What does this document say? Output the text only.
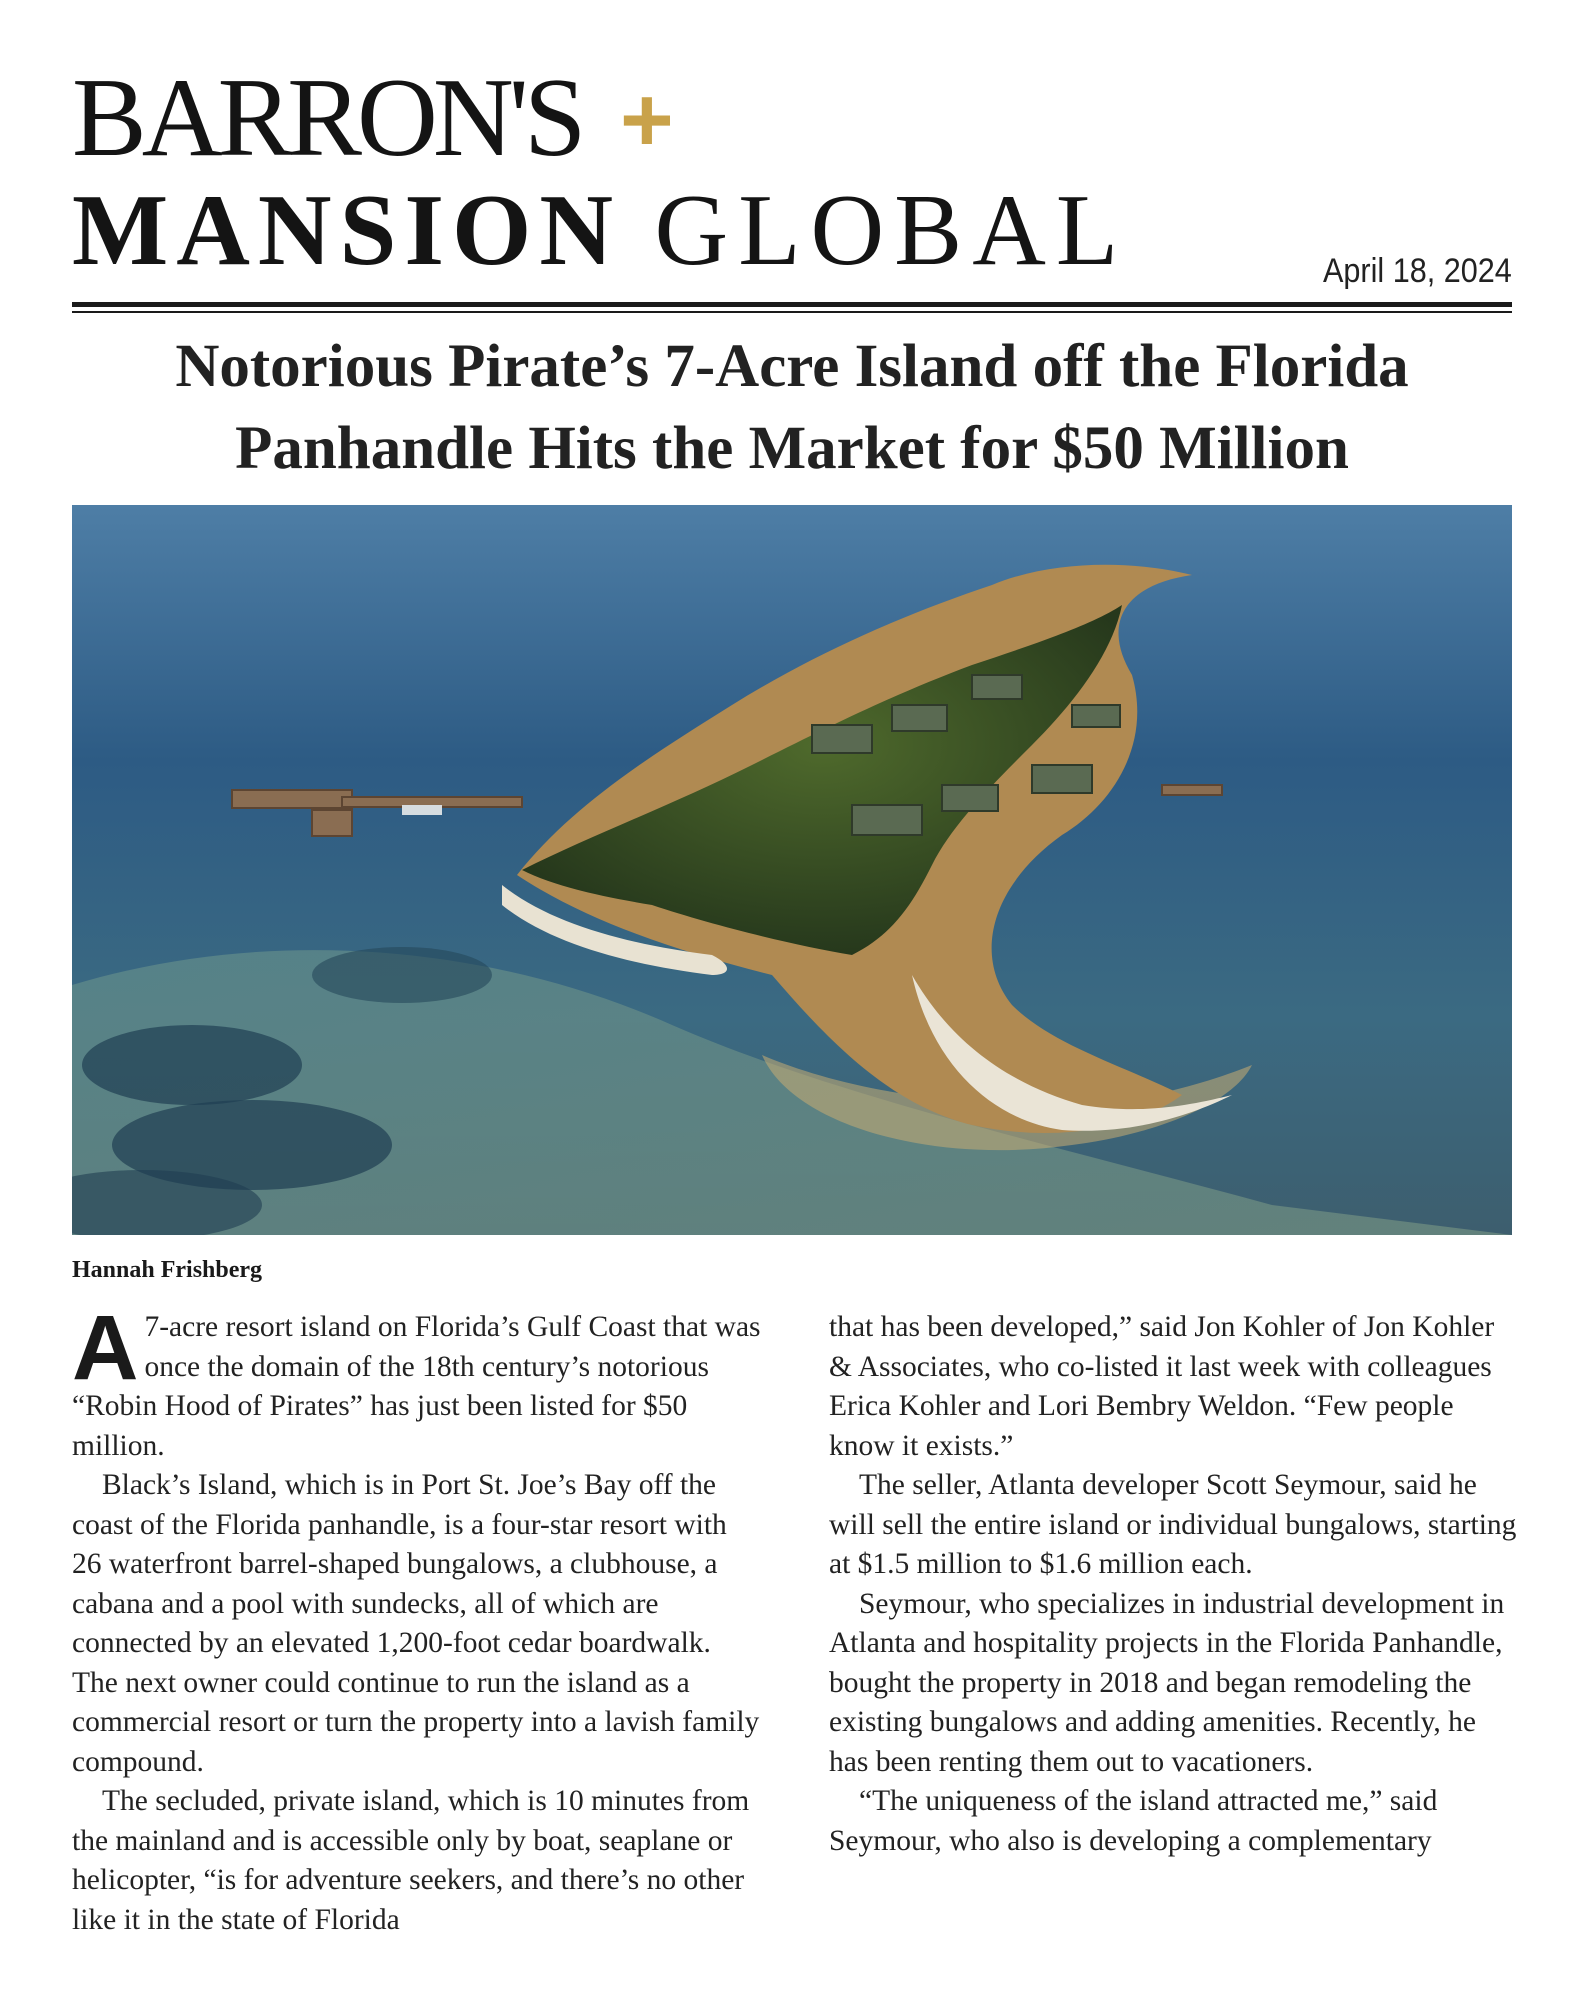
BARRON'S +
MANSION GLOBAL	April 18, 2024
Notorious Pirate’s 7-Acre Island off the Florida
Panhandle Hits the Market for $50 Million
Hannah Frishberg

A 7-acre resort island on Florida’s Gulf Coast that was once the domain of the 18th century’s notorious “Robin Hood of Pirates” has just been listed for $50 million.

Black’s Island, which is in Port St. Joe’s Bay off the coast of the Florida panhandle, is a four-star resort with 26 waterfront barrel-shaped bungalows, a clubhouse, a cabana and a pool with sundecks, all of which are connected by an elevated 1,200-foot cedar boardwalk. The next owner could continue to run the island as a commercial resort or turn the property into a lavish family compound.

The secluded, private island, which is 10 minutes from the mainland and is accessible only by boat, seaplane or helicopter, “is for adventure seekers, and there’s no other like it in the state of Florida

that has been developed,” said Jon Kohler of Jon Kohler & Associates, who co-listed it last week with colleagues Erica Kohler and Lori Bembry Weldon. “Few people know it exists.”

The seller, Atlanta developer Scott Seymour, said he will sell the entire island or individual bungalows, starting at $1.5 million to $1.6 million each.

Seymour, who specializes in industrial development in Atlanta and hospitality projects in the Florida Panhandle, bought the property in 2018 and began remodeling the existing bungalows and adding amenities. Recently, he has been renting them out to vacationers.

“The uniqueness of the island attracted me,” said Seymour, who also is developing a complementary
